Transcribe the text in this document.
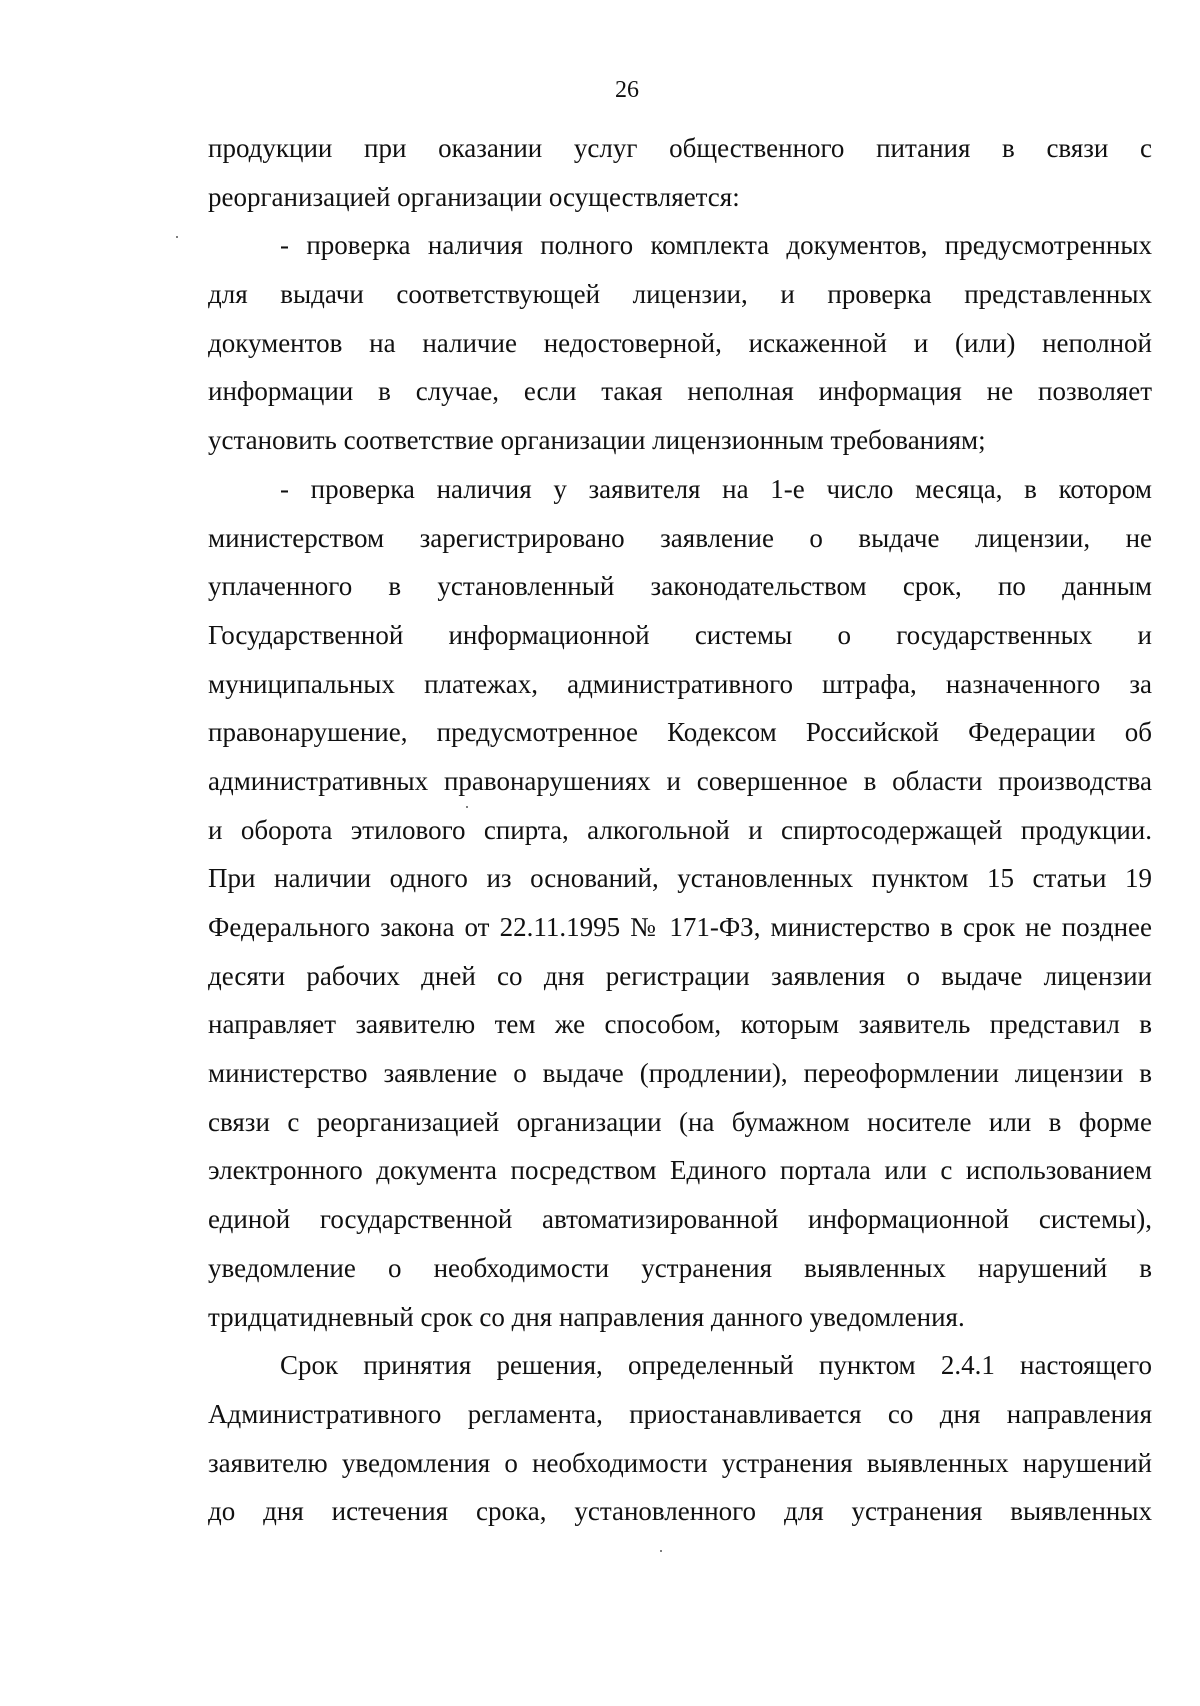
26
продукции при оказании услуг общественного питания в связи с
реорганизацией организации осуществляется:
- проверка наличия полного комплекта документов, предусмотренных
для выдачи соответствующей лицензии, и проверка представленных
документов на наличие недостоверной, искаженной и (или) неполной
информации в случае, если такая неполная информация не позволяет
установить соответствие организации лицензионным требованиям;
- проверка наличия у заявителя на 1-е число месяца, в котором
министерством зарегистрировано заявление о выдаче лицензии, не
уплаченного в установленный законодательством срок, по данным
Государственной информационной системы о государственных и
муниципальных платежах, административного штрафа, назначенного за
правонарушение, предусмотренное Кодексом Российской Федерации об
административных правонарушениях и совершенное в области производства
и оборота этилового спирта, алкогольной и спиртосодержащей продукции.
При наличии одного из оснований, установленных пунктом 15 статьи 19
Федерального закона от 22.11.1995 № 171-ФЗ, министерство в срок не позднее
десяти рабочих дней со дня регистрации заявления о выдаче лицензии
направляет заявителю тем же способом, которым заявитель представил в
министерство заявление о выдаче (продлении), переоформлении лицензии в
связи с реорганизацией организации (на бумажном носителе или в форме
электронного документа посредством Единого портала или с использованием
единой государственной автоматизированной информационной системы),
уведомление о необходимости устранения выявленных нарушений в
тридцатидневный срок со дня направления данного уведомления.
Срок принятия решения, определенный пунктом 2.4.1 настоящего
Административного регламента, приостанавливается со дня направления
заявителю уведомления о необходимости устранения выявленных нарушений
до дня истечения срока, установленного для устранения выявленных
